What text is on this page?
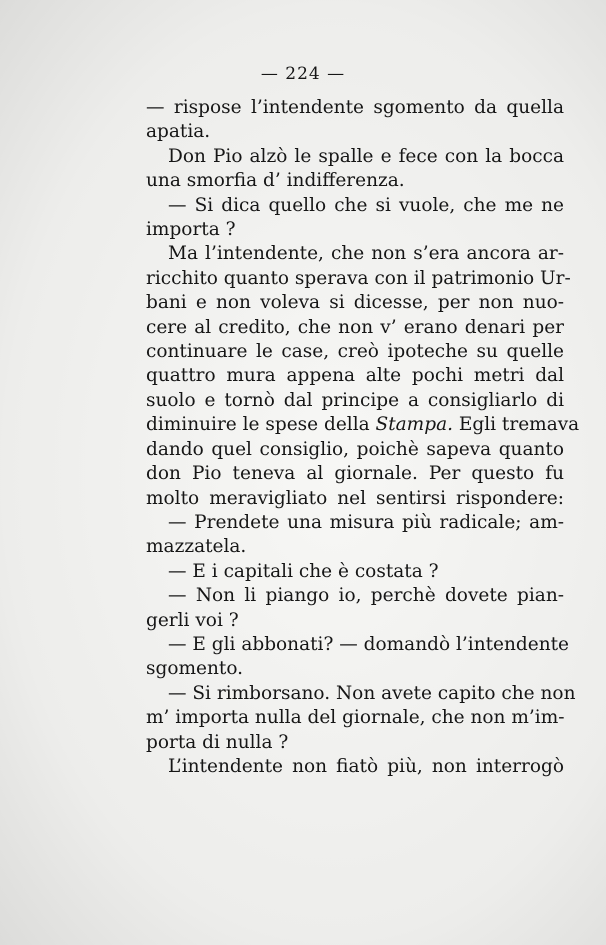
— 224 —
— rispose l’intendente sgomento da quella
apatia.
Don Pio alzò le spalle e fece con la bocca
una smorfia d’ indifferenza.
— Si dica quello che si vuole, che me ne
importa ?
Ma l’intendente, che non s’era ancora ar-
ricchito quanto sperava con il patrimonio Ur-
bani e non voleva si dicesse, per non nuo-
cere al credito, che non v’ erano denari per
continuare le case, creò ipoteche su quelle
quattro mura appena alte pochi metri dal
suolo e tornò dal principe a consigliarlo di
diminuire le spese della Stampa. Egli tremava
dando quel consiglio, poichè sapeva quanto
don Pio teneva al giornale. Per questo fu
molto meravigliato nel sentirsi rispondere:
— Prendete una misura più radicale; am-
mazzatela.
— E i capitali che è costata ?
— Non li piango io, perchè dovete pian-
gerli voi ?
— E gli abbonati? — domandò l’intendente
sgomento.
— Si rimborsano. Non avete capito che non
m’ importa nulla del giornale, che non m’im-
porta di nulla ?
L’intendente non fiatò più, non interrogò
